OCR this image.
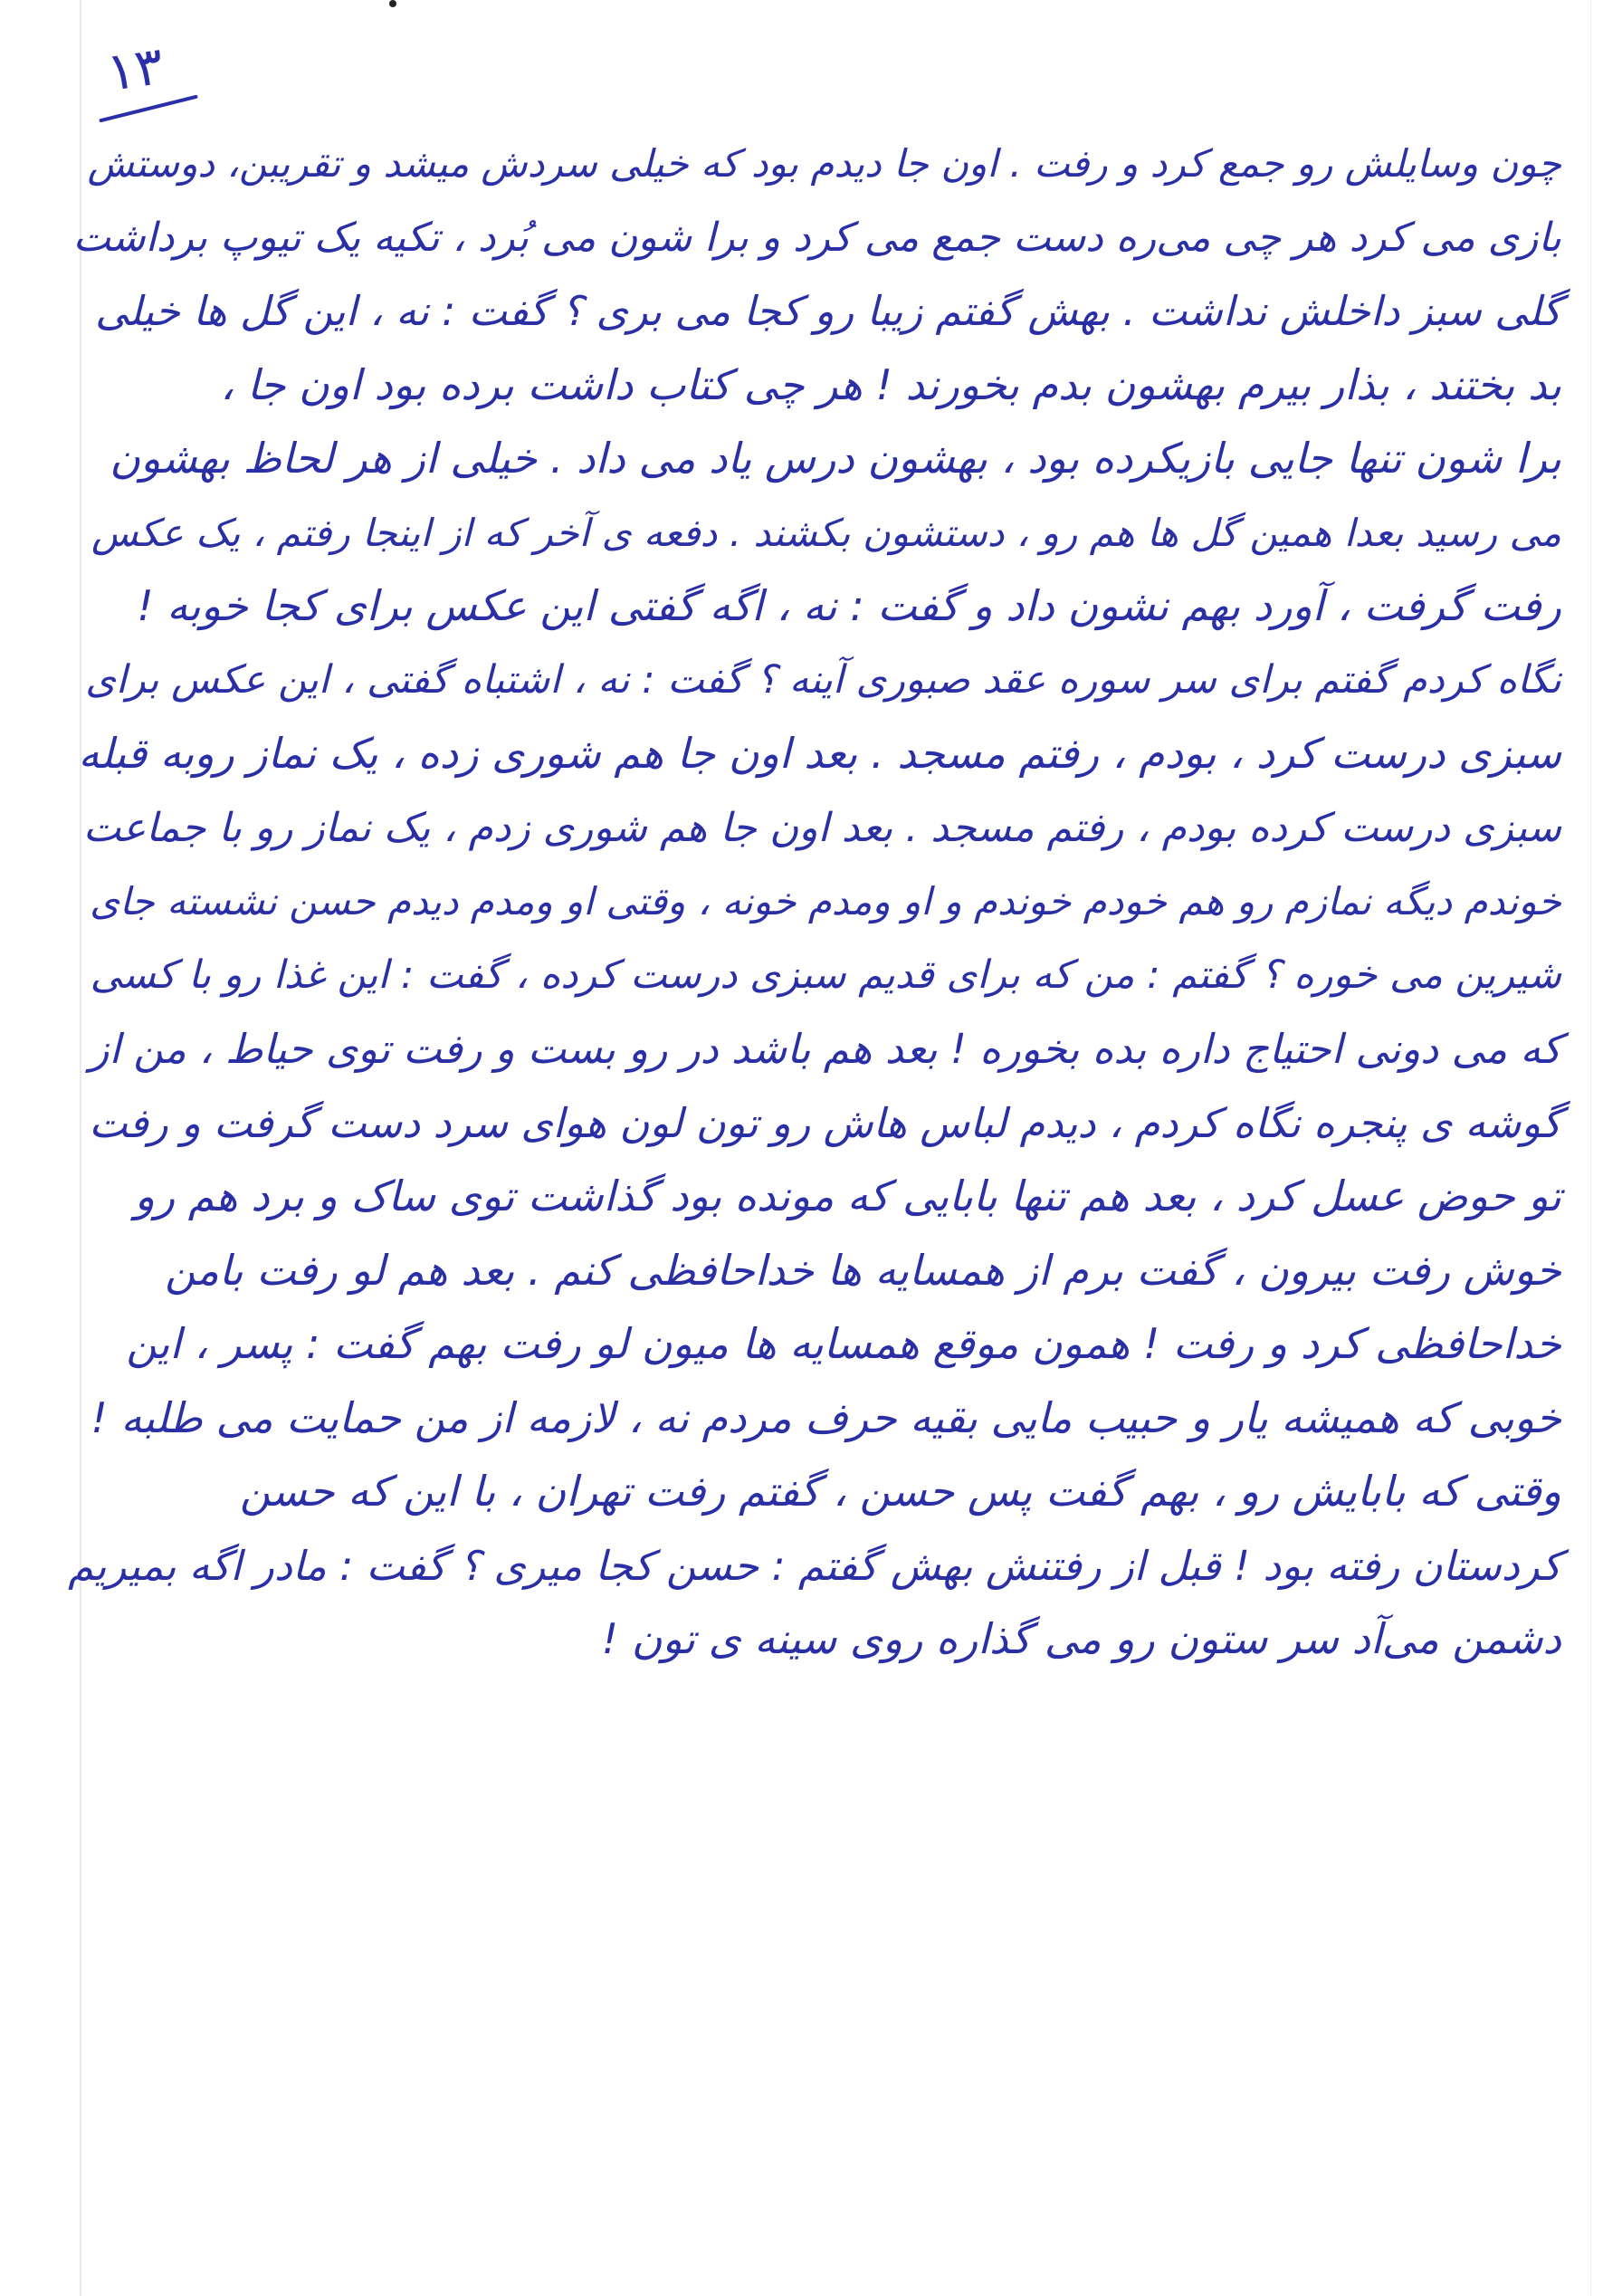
۱۳
چون وسایلش رو جمع کرد و رفت . اون جا دیدم بود که خیلی سردش میشد و تقریبن، دوستش
بازی می کرد هر چی می‌ره دست جمع می کرد و برا شون می بُرد ، تکیه یک تیوپ برداشت
گلی سبز داخلش نداشت . بهش گفتم زیبا رو کجا می بری ؟ گفت : نه ، این گل ها خیلی
بد بختند ، بذار بیرم بهشون بدم بخورند ! هر چی کتاب داشت برده بود اون جا ،
برا شون تنها جایی بازیکرده بود ، بهشون درس یاد می داد . خیلی از هر لحاظ بهشون
می رسید بعدا همین گل ها هم رو ، دستشون بکشند . دفعه ی آخر که از اینجا رفتم ، یک عکس
رفت گرفت ، آورد بهم نشون داد و گفت : نه ، اگه گفتی این عکس برای کجا خوبه !
نگاه کردم گفتم برای سر سوره عقد صبوری آینه ؟ گفت : نه ، اشتباه گفتی ، این عکس برای
سبزی درست کرد ، بودم ، رفتم مسجد . بعد اون جا هم شوری زده ، یک نماز روبه قبله
سبزی درست کرده بودم ، رفتم مسجد . بعد اون جا هم شوری زدم ، یک نماز رو با جماعت
خوندم دیگه نمازم رو هم خودم خوندم و او ومدم خونه ، وقتی او ومدم دیدم حسن نشسته جای
شیرین می خوره ؟ گفتم : من که برای قدیم سبزی درست کرده ، گفت : این غذا رو با کسی
که می دونی احتیاج داره بده بخوره ! بعد هم باشد در رو بست و رفت توی حیاط ، من از
گوشه ی پنجره نگاه کردم ، دیدم لباس هاش رو تون لون هوای سرد دست گرفت و رفت
تو حوض عسل کرد ، بعد هم تنها بابایی که مونده بود گذاشت توی ساک و برد هم رو
خوش رفت بیرون ، گفت برم از همسایه ها خداحافظی کنم . بعد هم لو رفت بامن
خداحافظی کرد و رفت ! همون موقع همسایه ها میون لو رفت بهم گفت : پسر ، این
خوبی که همیشه یار و حبیب مایی بقیه حرف مردم نه ، لازمه از من حمایت می طلبه !
وقتی که بابایش رو ، بهم گفت پس حسن ، گفتم رفت تهران ، با این که حسن
کردستان رفته بود ! قبل از رفتنش بهش گفتم : حسن کجا میری ؟ گفت : مادر اگه بمیریم
دشمن می‌آد سر ستون رو می گذاره روی سینه ی تون !
